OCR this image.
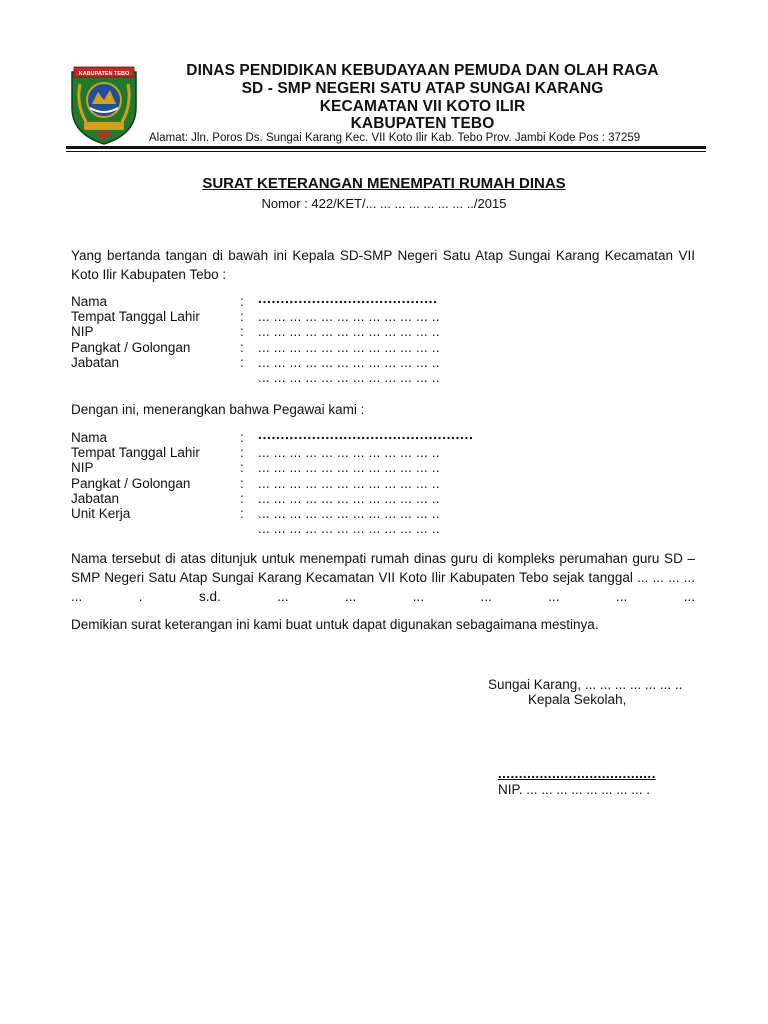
KABUPATEN TEBO	DINAS PENDIDIKAN KEBUDAYAAN PEMUDA DAN OLAH RAGA
SD - SMP NEGERI SATU ATAP SUNGAI KARANG
KECAMATAN VII KOTO ILIR
KABUPATEN TEBO
Alamat: Jln. Poros Ds. Sungai Karang Kec. VII Koto Ilir Kab. Tebo Prov. Jambi Kode Pos : 37259
SURAT KETERANGAN MENEMPATI RUMAH DINAS
Nomor : 422/KET/... ... ... ... ... ... ... ../2015
Yang bertanda tangan di bawah ini Kepala SD-SMP Negeri Satu Atap Sungai Karang Kecamatan VII Koto Ilir Kabupaten Tebo :
Nama	: ........................................
Tempat Tanggal Lahir	: ... ... ... ... ... ... ... ... ... ... ... ..
NIP	: ... ... ... ... ... ... ... ... ... ... ... ..
Pangkat / Golongan	: ... ... ... ... ... ... ... ... ... ... ... ..
Jabatan	: ... ... ... ... ... ... ... ... ... ... ... ..
... ... ... ... ... ... ... ... ... ... ... ..
Dengan ini, menerangkan bahwa Pegawai kami :
Nama	: ................................................
Tempat Tanggal Lahir	: ... ... ... ... ... ... ... ... ... ... ... ..
NIP	: ... ... ... ... ... ... ... ... ... ... ... ..
Pangkat / Golongan	: ... ... ... ... ... ... ... ... ... ... ... ..
Jabatan	: ... ... ... ... ... ... ... ... ... ... ... ..
Unit Kerja	: ... ... ... ... ... ... ... ... ... ... ... ..
... ... ... ... ... ... ... ... ... ... ... ..
Nama tersebut di atas ditunjuk untuk menempati rumah dinas guru di kompleks perumahan guru SD – SMP Negeri Satu Atap Sungai Karang Kecamatan VII Koto Ilir Kabupaten Tebo sejak tanggal ... ... ... ... ... . s.d. ... ... ... ... ... ... ...
Demikian surat keterangan ini kami buat untuk dapat digunakan sebagaimana mestinya.
Sungai Karang, ... ... ... ... ... ... ..
Kepala Sekolah,
......................................
NIP. ... ... ... ... ... ... ... ... .
